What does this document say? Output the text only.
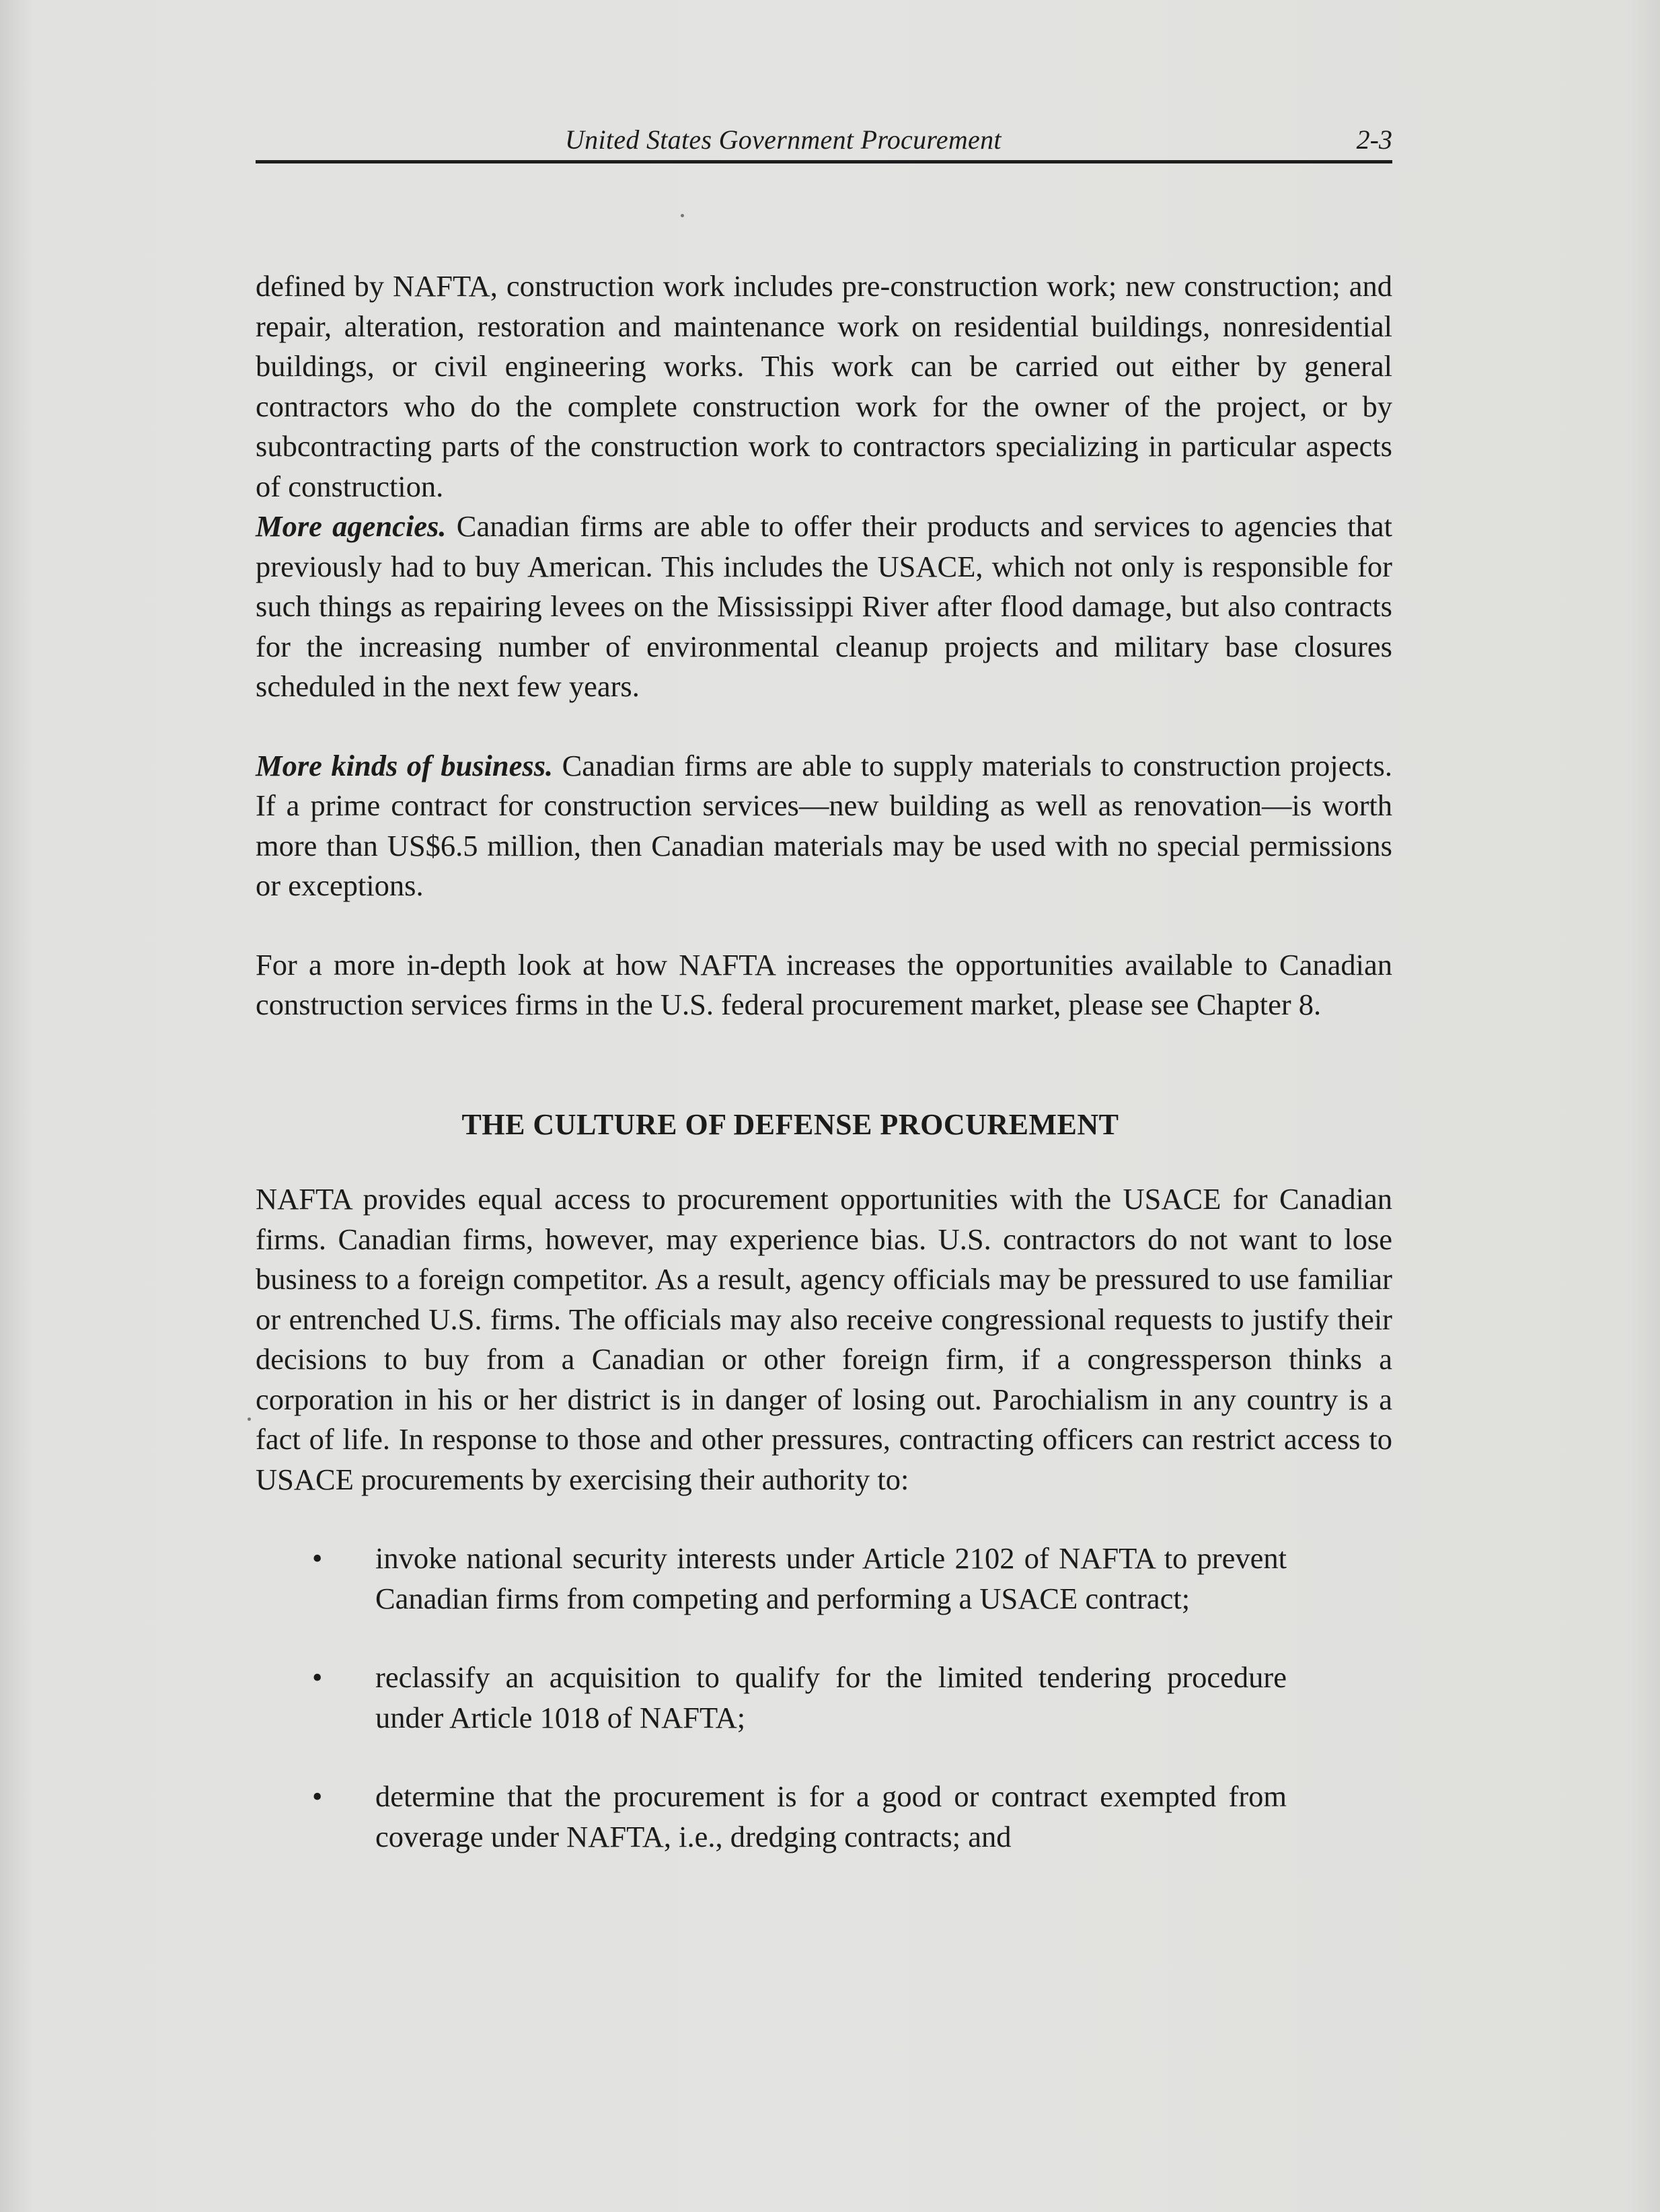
United States Government Procurement	2-3

defined by NAFTA, construction work includes pre-construction work; new construction; and repair, alteration, restoration and maintenance work on residential buildings, nonresidential buildings, or civil engineering works. This work can be carried out either by general contractors who do the complete construction work for the owner of the project, or by subcontracting parts of the construction work to contractors specializing in particular aspects of construction.

More agencies. Canadian firms are able to offer their products and services to agencies that previously had to buy American. This includes the USACE, which not only is responsible for such things as repairing levees on the Mississippi River after flood damage, but also contracts for the increasing number of environmental cleanup projects and military base closures scheduled in the next few years.

More kinds of business. Canadian firms are able to supply materials to construction projects. If a prime contract for construction services—new building as well as renovation—is worth more than US$6.5 million, then Canadian materials may be used with no special permissions or exceptions.

For a more in-depth look at how NAFTA increases the opportunities available to Canadian construction services firms in the U.S. federal procurement market, please see Chapter 8.

THE CULTURE OF DEFENSE PROCUREMENT

NAFTA provides equal access to procurement opportunities with the USACE for Canadian firms. Canadian firms, however, may experience bias. U.S. contractors do not want to lose business to a foreign competitor. As a result, agency officials may be pressured to use familiar or entrenched U.S. firms. The officials may also receive congressional requests to justify their decisions to buy from a Canadian or other foreign firm, if a congressperson thinks a corporation in his or her district is in danger of losing out. Parochialism in any country is a fact of life. In response to those and other pressures, contracting officers can restrict access to USACE procurements by exercising their authority to:

• invoke national security interests under Article 2102 of NAFTA to prevent Canadian firms from competing and performing a USACE contract;
• reclassify an acquisition to qualify for the limited tendering procedure under Article 1018 of NAFTA;
• determine that the procurement is for a good or contract exempted from coverage under NAFTA, i.e., dredging contracts; and
